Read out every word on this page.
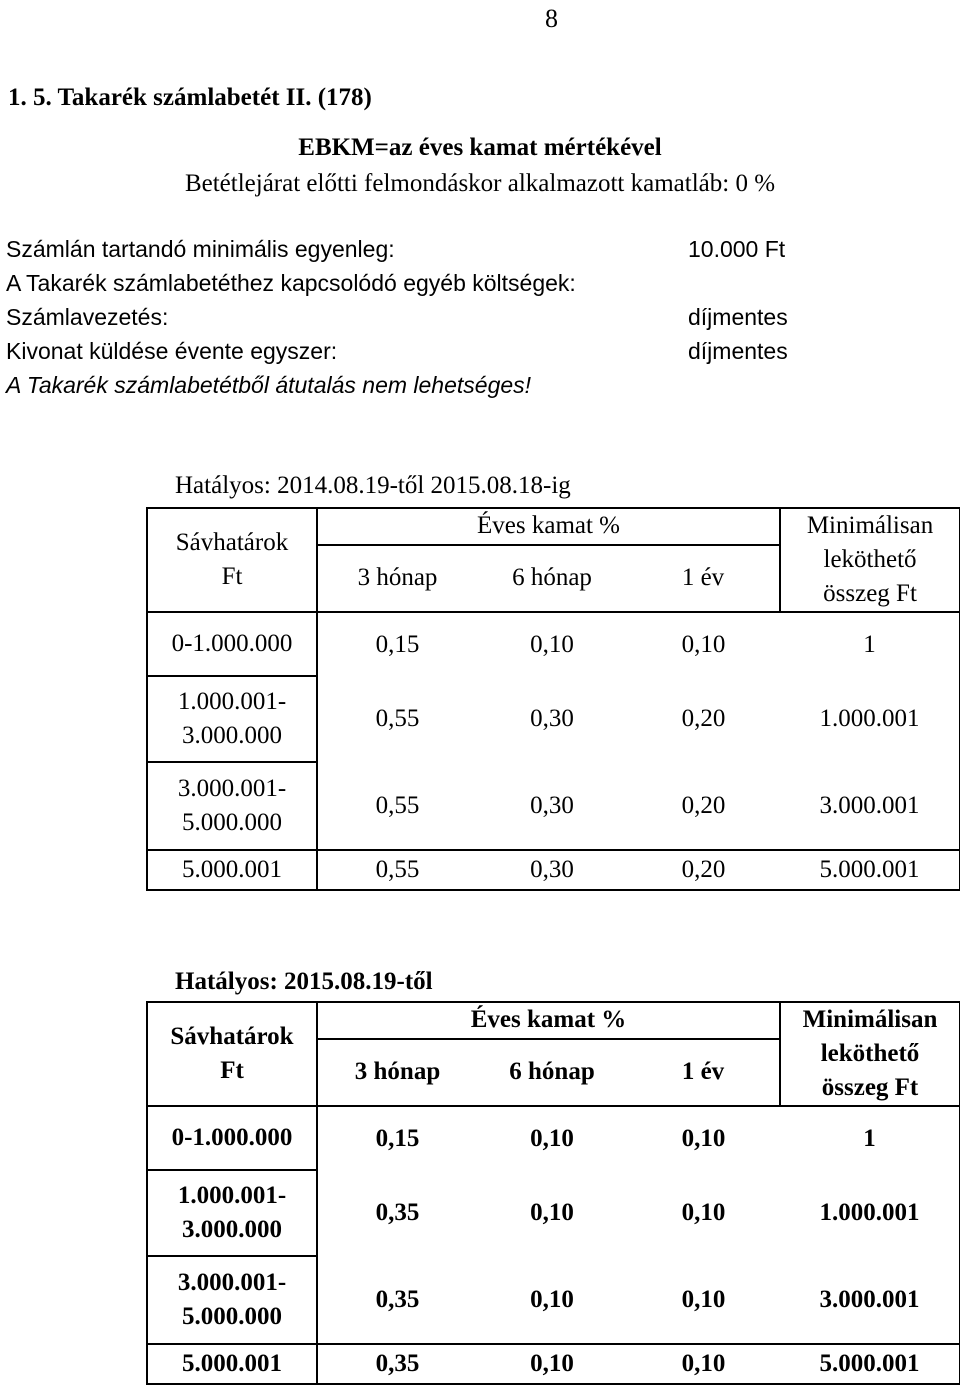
8
1. 5. Takarék számlabetét II. (178)
EBKM=az éves kamat mértékével
Betétlejárat előtti felmondáskor alkalmazott kamatláb: 0 %
Számlán tartandó minimális egyenleg:	10.000 Ft
A Takarék számlabetéthez kapcsolódó egyéb költségek:
Számlavezetés:	díjmentes
Kivonat küldése évente egyszer:	díjmentes
A Takarék számlabetétből átutalás nem lehetséges!
Hatályos: 2014.08.19-től 2015.08.18-ig
Sávhatárok
Ft	Éves kamat %			Minimálisan
leköthető
összeg Ft

	3 hónap	6 hónap	1 év	
0-1.000.000	0,15	0,10	0,10	1

1.000.001-
3.000.000	0,55	0,30	0,20	1.000.001

3.000.001-
5.000.000	0,55	0,30	0,20	3.000.001
5.000.001	0,55	0,30	0,20	5.000.001
Hatályos: 2015.08.19-től
Sávhatárok
Ft	Éves kamat %			Minimálisan
leköthető
összeg Ft

	3 hónap	6 hónap	1 év	
0-1.000.000	0,15	0,10	0,10	1

1.000.001-
3.000.000	0,35	0,10	0,10	1.000.001

3.000.001-
5.000.000	0,35	0,10	0,10	3.000.001
5.000.001	0,35	0,10	0,10	5.000.001
